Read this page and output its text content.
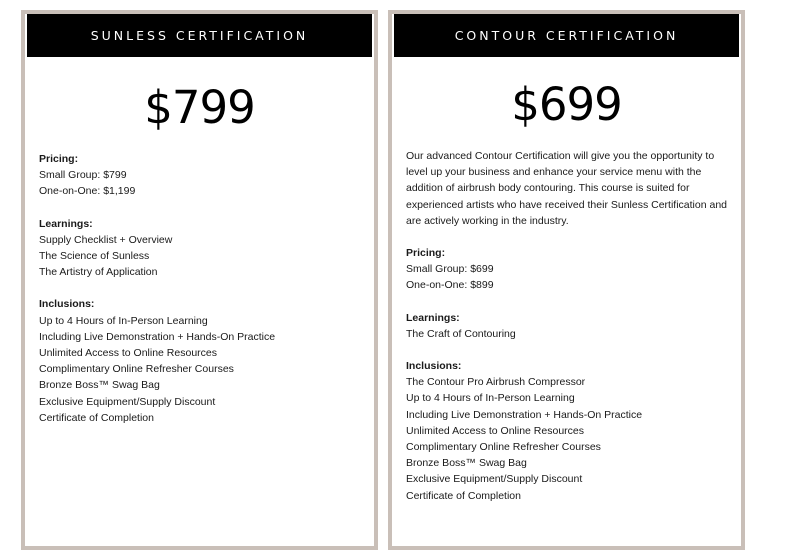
SUNLESS CERTIFICATION
$799
Pricing:
Small Group: $799
One-on-One: $1,199
Learnings:
Supply Checklist + Overview
The Science of Sunless
The Artistry of Application
Inclusions:
Up to 4 Hours of In-Person Learning
Including Live Demonstration + Hands-On Practice
Unlimited Access to Online Resources
Complimentary Online Refresher Courses
Bronze Boss™ Swag Bag
Exclusive Equipment/Supply Discount
Certificate of Completion
CONTOUR CERTIFICATION
$699
Our advanced Contour Certification will give you the opportunity to level up your business and enhance your service menu with the addition of airbrush body contouring. This course is suited for experienced artists who have received their Sunless Certification and are actively working in the industry.
Pricing:
Small Group: $699
One-on-One: $899
Learnings:
The Craft of Contouring
Inclusions:
The Contour Pro Airbrush Compressor
Up to 4 Hours of In-Person Learning
Including Live Demonstration + Hands-On Practice
Unlimited Access to Online Resources
Complimentary Online Refresher Courses
Bronze Boss™ Swag Bag
Exclusive Equipment/Supply Discount
Certificate of Completion
